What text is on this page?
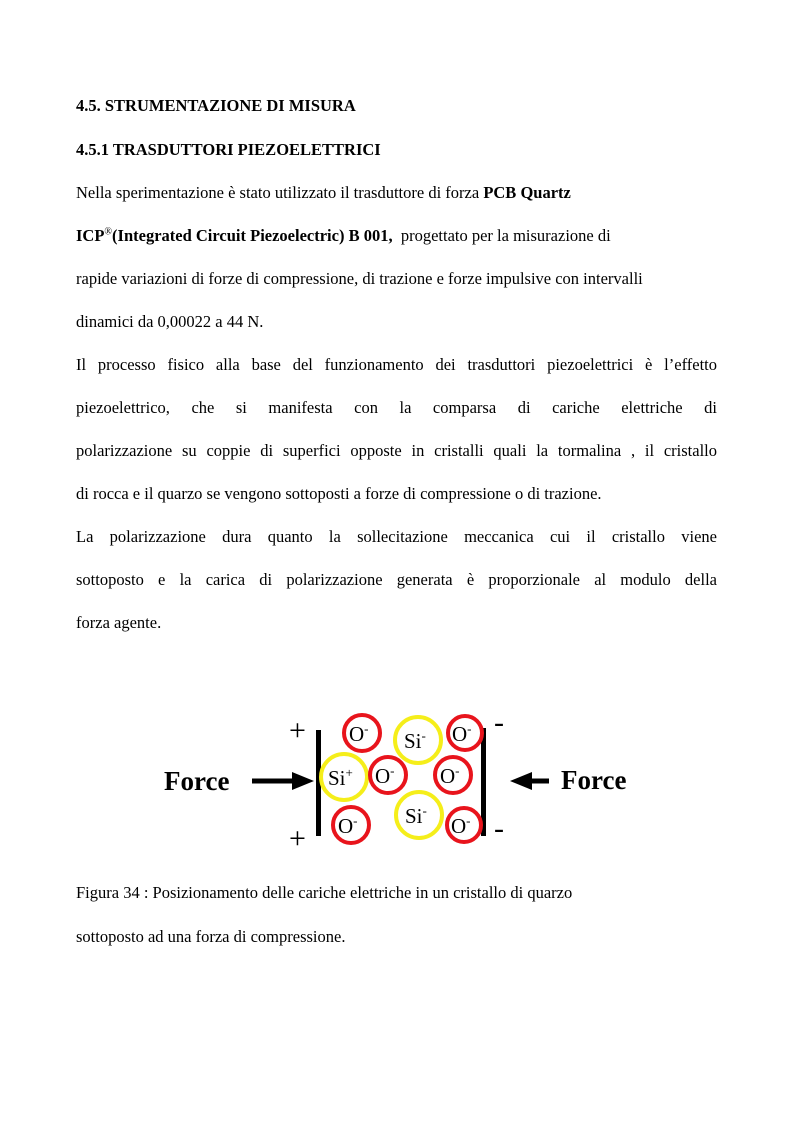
4.5. STRUMENTAZIONE DI MISURA
4.5.1 TRASDUTTORI PIEZOELETTRICI
Nella sperimentazione è stato utilizzato il trasduttore di forza PCB Quartz
ICP®(Integrated Circuit Piezoelectric) B 001,  progettato per la misurazione di
rapide variazioni di forze di compressione, di trazione e forze impulsive con intervalli
dinamici da 0,00022 a 44 N.
Il processo fisico alla base del funzionamento dei trasduttori piezoelettrici è l’effetto
piezoelettrico, che si manifesta con la comparsa di cariche elettriche di
polarizzazione su coppie di superfici opposte in cristalli quali la tormalina , il cristallo
di rocca e il quarzo se vengono sottoposti a forze di compressione o di trazione.
La polarizzazione dura quanto la sollecitazione meccanica cui il cristallo viene
sottoposto e la carica di polarizzazione generata è proporzionale al modulo della
forza agente.
Force
+
+
-
-
Si-
Si+
Si-
O-	O-
O- O-
O-	O-
Force
Figura 34 : Posizionamento delle cariche elettriche in un cristallo di quarzo
sottoposto ad una forza di compressione.
